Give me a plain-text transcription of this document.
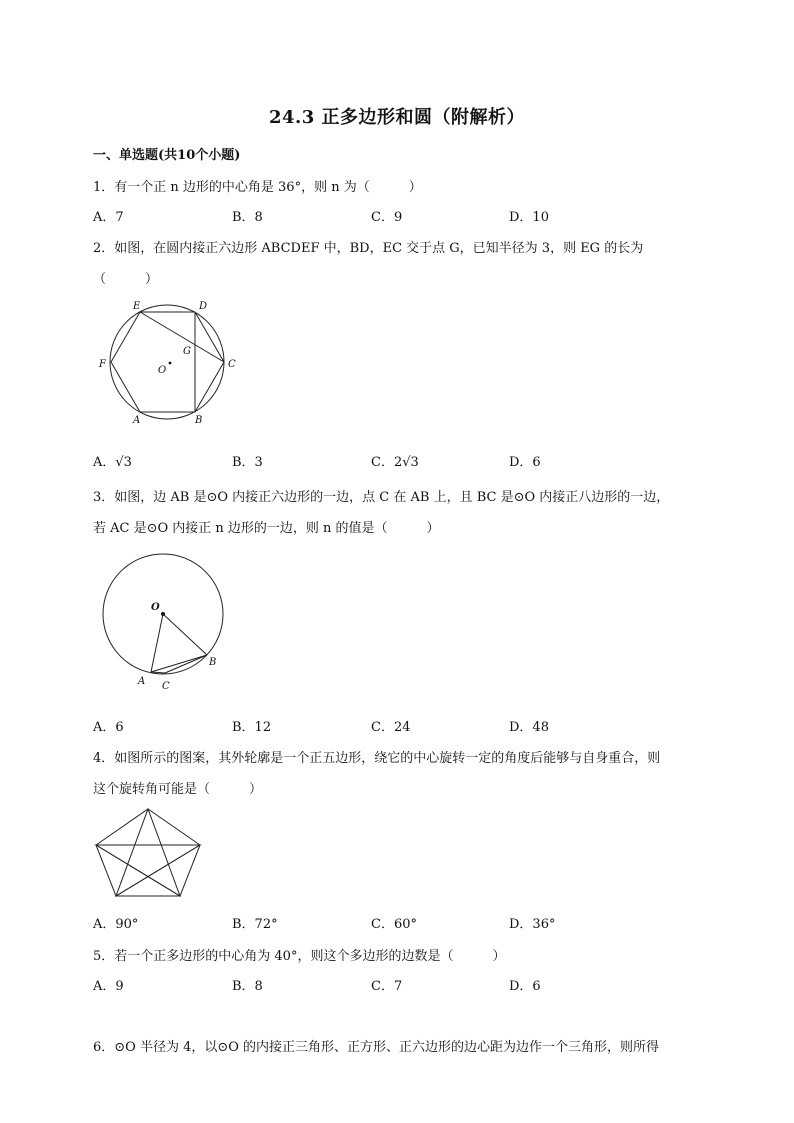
24.3 正多边形和圆（附解析）
一、单选题(共10个小题)
1．有一个正 n 边形的中心角是 36°，则 n 为（　　　）
A．7	B．8	C．9	D．10
2．如图，在圆内接正六边形 ABCDEF 中，BD，EC 交于点 G，已知半径为 3，则 EG 的长为
（　　　）
E	D
F
O
G
C
A	B
A．√3	B．3	C．2√3	D．6
3．如图，边 AB 是⊙O 内接正六边形的一边，点 C 在 AB 上，且 BC 是⊙O 内接正八边形的一边，
若 AC 是⊙O 内接正 n 边形的一边，则 n 的值是（　　　）
O
B
A C
A．6	B．12	C．24	D．48
4．如图所示的图案，其外轮廓是一个正五边形，绕它的中心旋转一定的角度后能够与自身重合，则
这个旋转角可能是（　　　）
A．90°	B．72°	C．60°	D．36°
5．若一个正多边形的中心角为 40°，则这个多边形的边数是（　　　）
A．9	B．8	C．7	D．6
6．⊙O 半径为 4，以⊙O 的内接正三角形、正方形、正六边形的边心距为边作一个三角形，则所得
